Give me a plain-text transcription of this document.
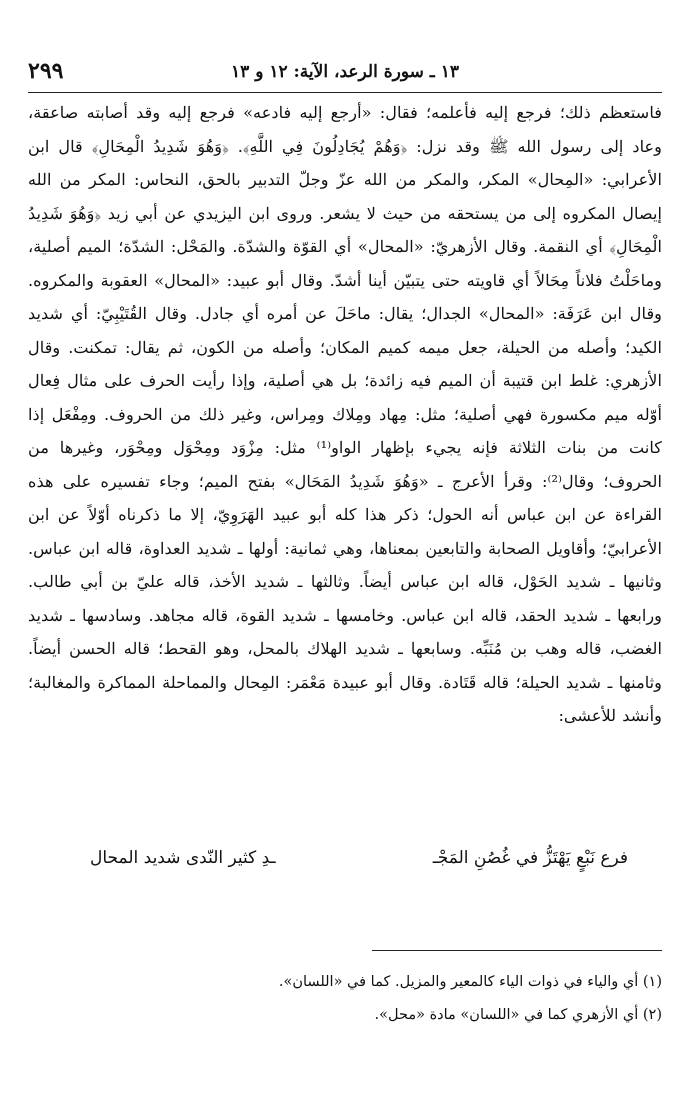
٢٩٩	١٣ ـ سورة الرعد، الآية: ١٢ و ١٣

فاستعظم ذلك؛ فرجع إليه فأعلمه؛ فقال: «أرجع إليه فادعه» فرجع إليه وقد أصابته صاعقة، وعاد إلى رسول الله ﷺ وقد نزل: ﴿وَهُمْ يُجَادِلُونَ فِي اللَّهِ﴾. ﴿وَهُوَ شَدِيدُ الْمِحَالِ﴾ قال ابن الأعرابي: «المِحال» المكر، والمكر من الله عزّ وجلّ التدبير بالحق، النحاس: المكر من الله إيصال المكروه إلى من يستحقه من حيث لا يشعر. وروى ابن اليزيدي عن أبي زيد ﴿وَهُوَ شَدِيدُ الْمِحَالِ﴾ أي النقمة. وقال الأزهريّ: «المحال» أي القوّة والشدّة. والمَحْل: الشدّة؛ الميم أصلية، وماحَلْتُ فلاناً مِحَالاً أي قاويته حتى يتبيّن أينا أشدّ. وقال أبو عبيد: «المحال» العقوبة والمكروه. وقال ابن عَرَفَة: «المحال» الجدال؛ يقال: ماحَلَ عن أمره أي جادل. وقال القُتَيْبِيّ: أي شديد الكيد؛ وأصله من الحيلة، جعل ميمه كميم المكان؛ وأصله من الكون، ثم يقال: تمكنت. وقال الأزهري: غلط ابن قتيبة أن الميم فيه زائدة؛ بل هي أصلية، وإذا رأيت الحرف على مثال فِعال أوّله ميم مكسورة فهي أصلية؛ مثل: مِهاد ومِلاك ومِراس، وغير ذلك من الحروف. ومِفْعَل إذا كانت من بنات الثلاثة فإنه يجيء بإظهار الواو⁽¹⁾ مثل: مِزْوَد ومِحْوَل ومِحْوَر، وغيرها من الحروف؛ وقال⁽²⁾: وقرأ الأعرج ـ «وَهُوَ شَدِيدُ المَحَال» بفتح الميم؛ وجاء تفسيره على هذه القراءة عن ابن عباس أنه الحول؛ ذكر هذا كله أبو عبيد الهَرَوِيّ، إلا ما ذكرناه أوّلاً عن ابن الأعرابيّ؛ وأقاويل الصحابة والتابعين بمعناها، وهي ثمانية: أولها ـ شديد العداوة، قاله ابن عباس. وثانيها ـ شديد الحَوْل، قاله ابن عباس أيضاً. وثالثها ـ شديد الأخذ، قاله عليّ بن أبي طالب. ورابعها ـ شديد الحقد، قاله ابن عباس. وخامسها ـ شديد القوة، قاله مجاهد. وسادسها ـ شديد الغضب، قاله وهب بن مُنَبِّه. وسابعها ـ شديد الهلاك بالمحل، وهو القحط؛ قاله الحسن أيضاً. وثامنها ـ شديد الحيلة؛ قاله قَتَادة. وقال أبو عبيدة مَعْمَر: المِحال والمماحلة المماكرة والمغالبة؛ وأنشد للأعشى:

فرع نَبْعٍ يَهْتَزُّ في غُصُنِ المَجْـ
ـدِ كثير النّدى شديد المحال
(١) أي والياء في ذوات الياء كالمعير والمزيل. كما في «اللسان».
(٢) أي الأزهري كما في «اللسان» مادة «محل».
